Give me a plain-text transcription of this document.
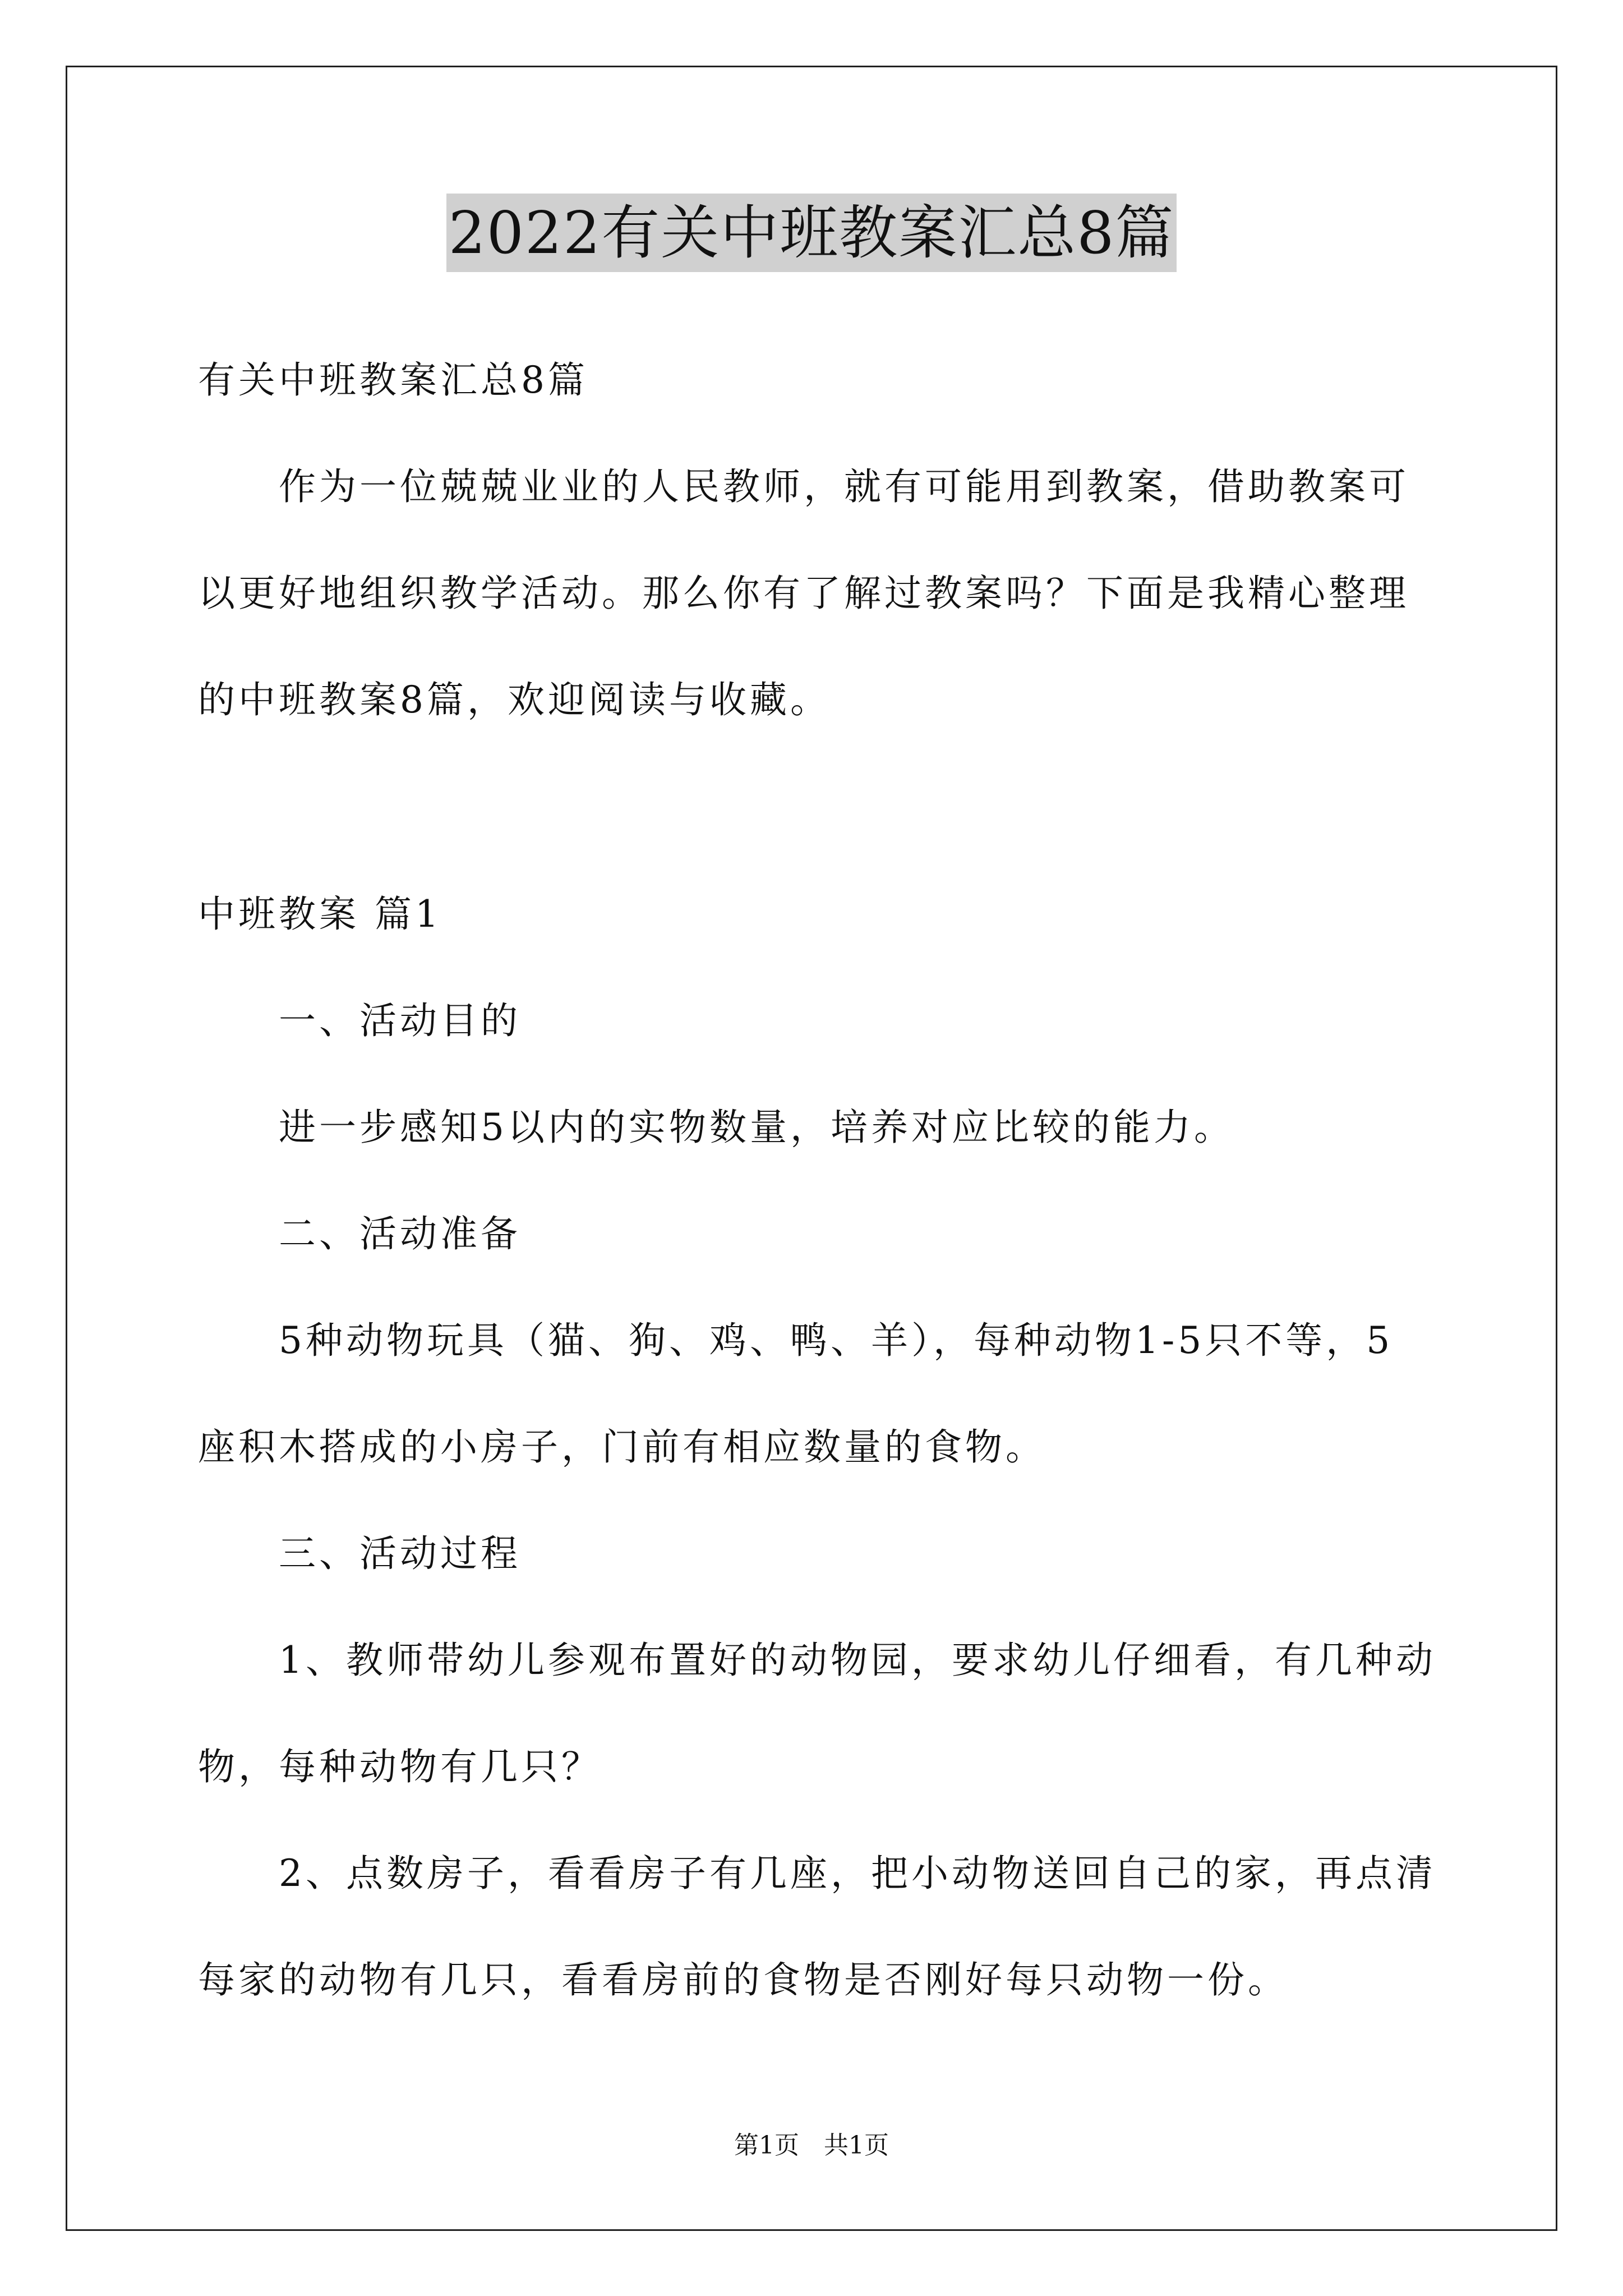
2022有关中班教案汇总8篇
有关中班教案汇总8篇
作为一位兢兢业业的人民教师，就有可能用到教案，借助教案可
以更好地组织教学活动。那么你有了解过教案吗？下面是我精心整理
的中班教案8篇，欢迎阅读与收藏。
中班教案 篇1
一、活动目的
进一步感知5以内的实物数量，培养对应比较的能力。
二、活动准备
5种动物玩具（猫、狗、鸡、鸭、羊），每种动物1-5只不等，5
座积木搭成的小房子，门前有相应数量的食物。
三、活动过程
1、教师带幼儿参观布置好的动物园，要求幼儿仔细看，有几种动
物，每种动物有几只？
2、点数房子，看看房子有几座，把小动物送回自己的家，再点清
每家的动物有几只，看看房前的食物是否刚好每只动物一份。
第1页　共1页
